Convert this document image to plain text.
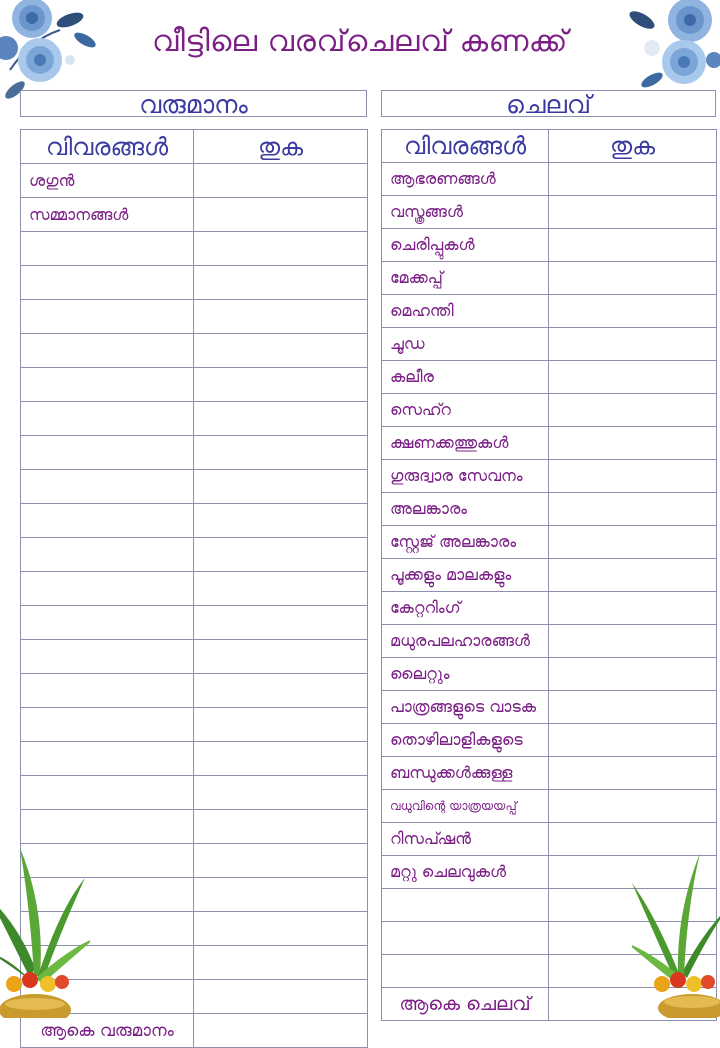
വീട്ടിലെ വരവ്‌ചെലവ് കണക്ക്
വരുമാനം	ചെലവ്
വിവരങ്ങൾ	തുക
ശഗുൻ	
സമ്മാനങ്ങൾ	

ആകെ വരുമാനം	
വിവരങ്ങൾ	തുക
ആഭരണങ്ങൾ	
വസ്ത്രങ്ങൾ	
ചെരിപ്പുകൾ	
മേക്കപ്പ്	
മെഹന്തി	
ചൂഡ	
കലീര	
സെഹ്റ	
ക്ഷണക്കത്തുകൾ	
ഗുരുദ്വാര സേവനം	
അലങ്കാരം	
സ്റ്റേജ് അലങ്കാരം	
പൂക്കളും മാലകളും	
കേറ്ററിംഗ്	
മധുരപലഹാരങ്ങൾ	
ലൈറ്റും	
പാത്രങ്ങളുടെ വാടക	
തൊഴിലാളികളുടെ	
ബന്ധുക്കൾക്കുള്ള	
വധുവിന്റെ യാത്രയയപ്പ്	
റിസപ്ഷൻ	
മറ്റു ചെലവുകൾ	

ആകെ ചെലവ്	
